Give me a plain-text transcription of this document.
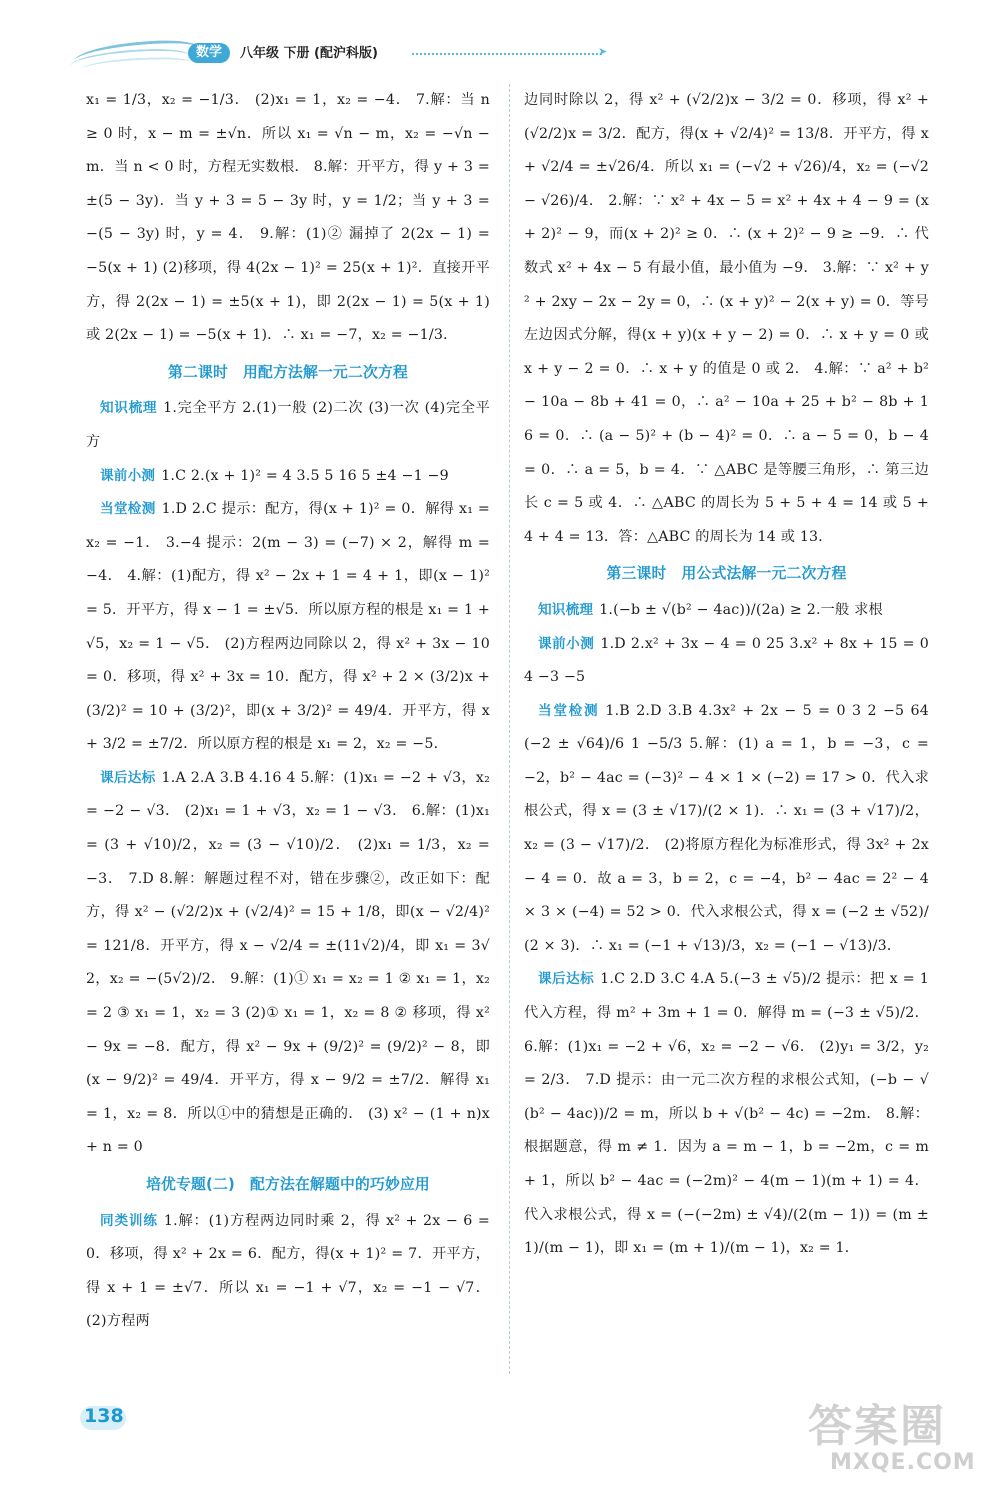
数学	八年级 下册 (配沪科版)	➤

x₁ = 1/3，x₂ = −1/3． (2)x₁ = 1，x₂ = −4． 7.解：当 n ≥ 0 时，x − m = ±√n．所以 x₁ = √n − m，x₂ = −√n − m．当 n < 0 时，方程无实数根． 8.解：开平方，得 y + 3 = ±(5 − 3y)．当 y + 3 = 5 − 3y 时，y = 1/2；当 y + 3 = −(5 − 3y) 时，y = 4． 9.解：(1)② 漏掉了 2(2x − 1) = −5(x + 1) (2)移项，得 4(2x − 1)² = 25(x + 1)²．直接开平方，得 2(2x − 1) = ±5(x + 1)，即 2(2x − 1) = 5(x + 1) 或 2(2x − 1) = −5(x + 1)．∴ x₁ = −7，x₂ = −1/3．

第二课时　用配方法解一元二次方程

知识梳理 1.完全平方 2.(1)一般 (2)二次 (3)一次 (4)完全平方

课前小测 1.C 2.(x + 1)² = 4 3.5 5 16 5 ±4 −1 −9

当堂检测 1.D 2.C 提示：配方，得(x + 1)² = 0．解得 x₁ = x₂ = −1． 3.−4 提示：2(m − 3) = (−7) × 2，解得 m = −4． 4.解：(1)配方，得 x² − 2x + 1 = 4 + 1，即(x − 1)² = 5．开平方，得 x − 1 = ±√5．所以原方程的根是 x₁ = 1 + √5，x₂ = 1 − √5． (2)方程两边同除以 2，得 x² + 3x − 10 = 0．移项，得 x² + 3x = 10．配方，得 x² + 2 × (3/2)x + (3/2)² = 10 + (3/2)²，即(x + 3/2)² = 49/4．开平方，得 x + 3/2 = ±7/2．所以原方程的根是 x₁ = 2，x₂ = −5．

课后达标 1.A 2.A 3.B 4.16 4 5.解：(1)x₁ = −2 + √3，x₂ = −2 − √3． (2)x₁ = 1 + √3，x₂ = 1 − √3． 6.解：(1)x₁ = (3 + √10)/2，x₂ = (3 − √10)/2． (2)x₁ = 1/3，x₂ = −3． 7.D 8.解：解题过程不对，错在步骤②，改正如下：配方，得 x² − (√2/2)x + (√2/4)² = 15 + 1/8，即(x − √2/4)² = 121/8．开平方，得 x − √2/4 = ±(11√2)/4，即 x₁ = 3√2，x₂ = −(5√2)/2． 9.解：(1)① x₁ = x₂ = 1 ② x₁ = 1，x₂ = 2 ③ x₁ = 1，x₂ = 3 (2)① x₁ = 1，x₂ = 8 ② 移项，得 x² − 9x = −8．配方，得 x² − 9x + (9/2)² = (9/2)² − 8，即(x − 9/2)² = 49/4．开平方，得 x − 9/2 = ±7/2．解得 x₁ = 1，x₂ = 8．所以①中的猜想是正确的． (3) x² − (1 + n)x + n = 0

培优专题(二)　配方法在解题中的巧妙应用

同类训练 1.解：(1)方程两边同时乘 2，得 x² + 2x − 6 = 0．移项，得 x² + 2x = 6．配方，得(x + 1)² = 7．开平方，得 x + 1 = ±√7．所以 x₁ = −1 + √7，x₂ = −1 − √7． (2)方程两

边同时除以 2，得 x² + (√2/2)x − 3/2 = 0．移项，得 x² + (√2/2)x = 3/2．配方，得(x + √2/4)² = 13/8．开平方，得 x + √2/4 = ±√26/4．所以 x₁ = (−√2 + √26)/4，x₂ = (−√2 − √26)/4． 2.解：∵ x² + 4x − 5 = x² + 4x + 4 − 9 = (x + 2)² − 9，而(x + 2)² ≥ 0．∴ (x + 2)² − 9 ≥ −9．∴ 代数式 x² + 4x − 5 有最小值，最小值为 −9． 3.解：∵ x² + y² + 2xy − 2x − 2y = 0，∴ (x + y)² − 2(x + y) = 0．等号左边因式分解，得(x + y)(x + y − 2) = 0．∴ x + y = 0 或 x + y − 2 = 0．∴ x + y 的值是 0 或 2． 4.解：∵ a² + b² − 10a − 8b + 41 = 0，∴ a² − 10a + 25 + b² − 8b + 16 = 0．∴ (a − 5)² + (b − 4)² = 0．∴ a − 5 = 0，b − 4 = 0．∴ a = 5，b = 4．∵ △ABC 是等腰三角形，∴ 第三边长 c = 5 或 4．∴ △ABC 的周长为 5 + 5 + 4 = 14 或 5 + 4 + 4 = 13．答：△ABC 的周长为 14 或 13．

第三课时　用公式法解一元二次方程

知识梳理 1.(−b ± √(b² − 4ac))/(2a) ≥ 2.一般 求根

课前小测 1.D 2.x² + 3x − 4 = 0 25 3.x² + 8x + 15 = 0 4 −3 −5

当堂检测 1.B 2.D 3.B 4.3x² + 2x − 5 = 0 3 2 −5 64 (−2 ± √64)/6 1 −5/3 5.解：(1) a = 1，b = −3，c = −2，b² − 4ac = (−3)² − 4 × 1 × (−2) = 17 > 0．代入求根公式，得 x = (3 ± √17)/(2 × 1)．∴ x₁ = (3 + √17)/2，x₂ = (3 − √17)/2． (2)将原方程化为标准形式，得 3x² + 2x − 4 = 0．故 a = 3，b = 2，c = −4，b² − 4ac = 2² − 4 × 3 × (−4) = 52 > 0．代入求根公式，得 x = (−2 ± √52)/(2 × 3)．∴ x₁ = (−1 + √13)/3，x₂ = (−1 − √13)/3．

课后达标 1.C 2.D 3.C 4.A 5.(−3 ± √5)/2 提示：把 x = 1 代入方程，得 m² + 3m + 1 = 0．解得 m = (−3 ± √5)/2． 6.解：(1)x₁ = −2 + √6，x₂ = −2 − √6． (2)y₁ = 3/2，y₂ = 2/3． 7.D 提示：由一元二次方程的求根公式知，(−b − √(b² − 4ac))/2 = m，所以 b + √(b² − 4c) = −2m． 8.解：根据题意，得 m ≠ 1．因为 a = m − 1，b = −2m，c = m + 1，所以 b² − 4ac = (−2m)² − 4(m − 1)(m + 1) = 4．代入求根公式，得 x = (−(−2m) ± √4)/(2(m − 1)) = (m ± 1)/(m − 1)，即 x₁ = (m + 1)/(m − 1)，x₂ = 1．

138	答案圈
MXQE.COM
